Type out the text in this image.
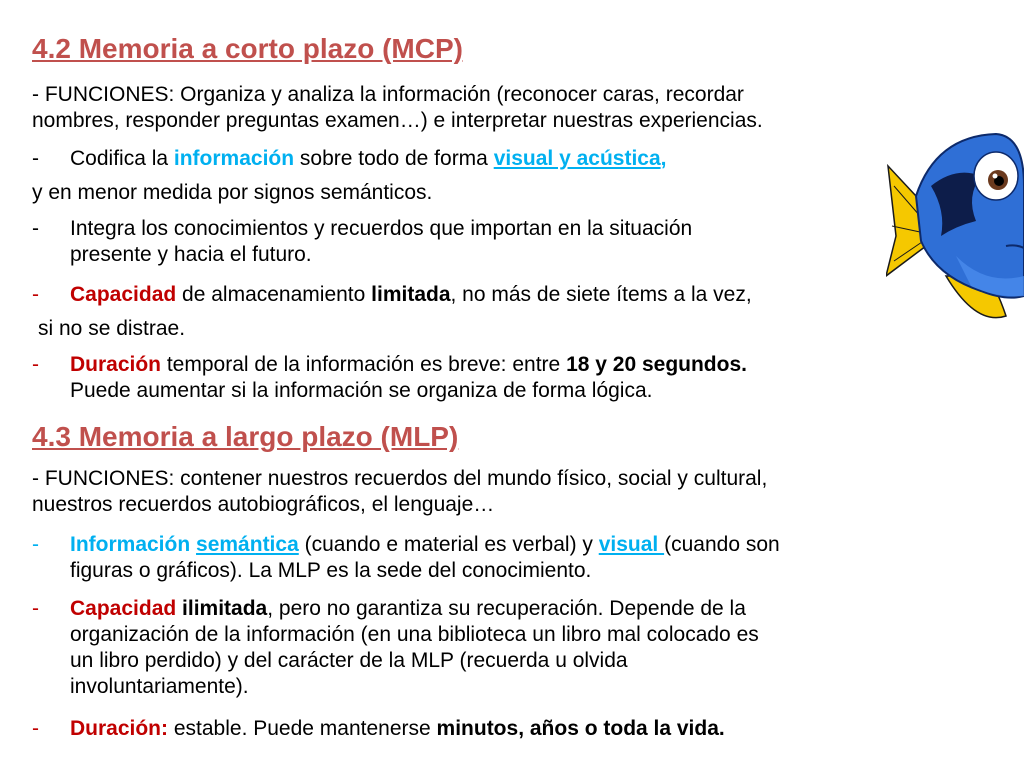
4.2 Memoria a corto plazo (MCP)
- FUNCIONES: Organiza y analiza la información (reconocer caras, recordar
nombres, responder preguntas examen…) e interpretar nuestras experiencias.
- Codifica la información sobre todo de forma visual y acústica,
y en menor medida por signos semánticos.
- Integra los conocimientos y recuerdos que importan en la situación
presente y hacia el futuro.
- Capacidad de almacenamiento limitada, no más de siete ítems a la vez,
si no se distrae.
- Duración temporal de la información es breve: entre 18 y 20 segundos.
Puede aumentar si la información se organiza de forma lógica.
4.3 Memoria a largo plazo (MLP)
- FUNCIONES: contener nuestros recuerdos del mundo físico, social y cultural,
nuestros recuerdos autobiográficos, el lenguaje…
- Información semántica (cuando e material es verbal) y visual (cuando son
figuras o gráficos). La MLP es la sede del conocimiento.
- Capacidad ilimitada, pero no garantiza su recuperación. Depende de la
organización de la información (en una biblioteca un libro mal colocado es
un libro perdido) y del carácter de la MLP (recuerda u olvida
involuntariamente).
- Duración: estable. Puede mantenerse minutos, años o toda la vida.
